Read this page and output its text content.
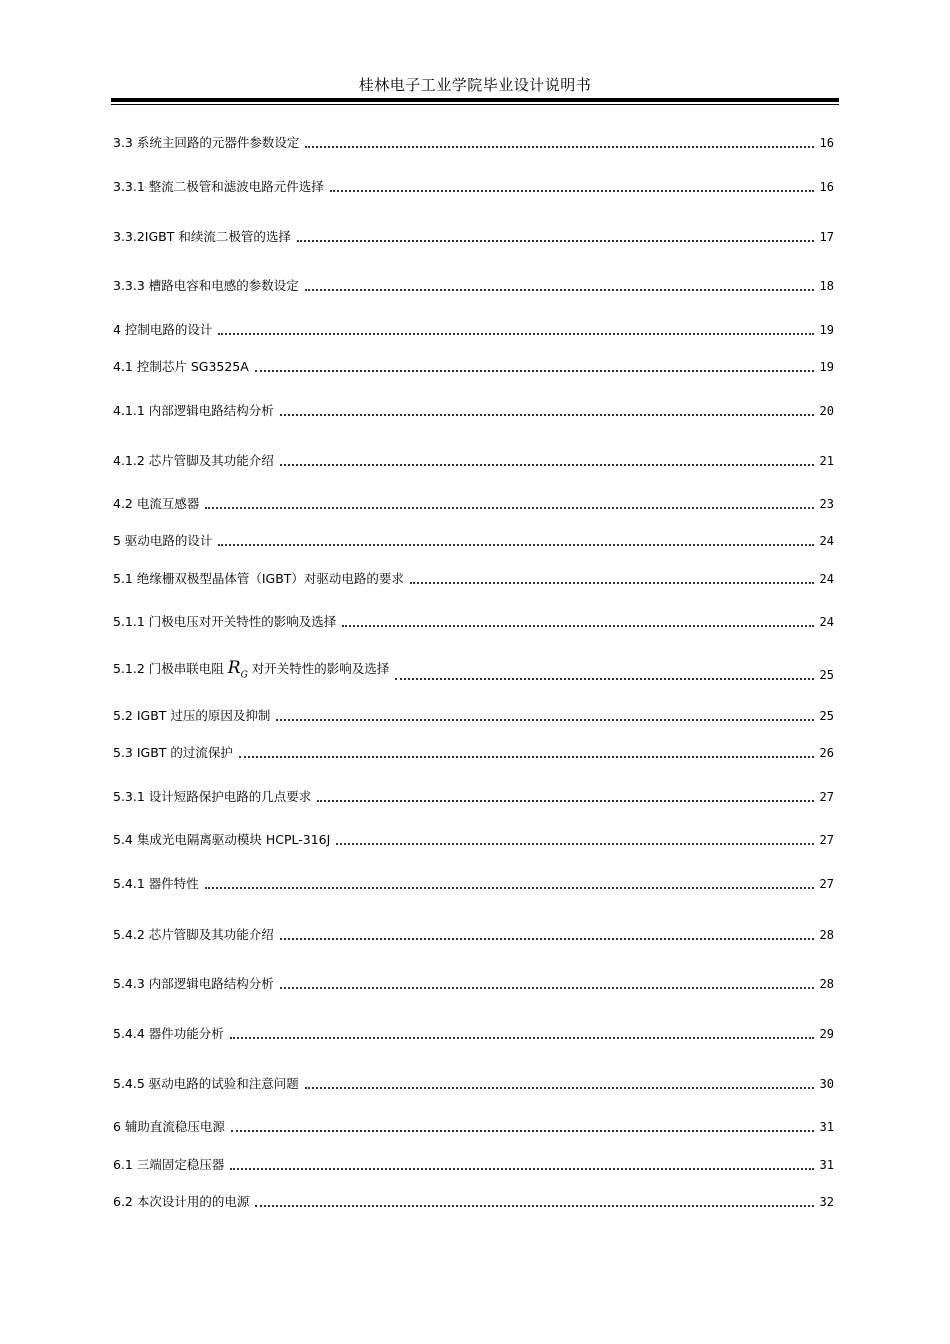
桂林电子工业学院毕业设计说明书
3.3 系统主回路的元器件参数设定	16
3.3.1 整流二极管和滤波电路元件选择	16
3.3.2IGBT 和续流二极管的选择	17
3.3.3 槽路电容和电感的参数设定	18
4 控制电路的设计	19
4.1 控制芯片 SG3525A	19
4.1.1 内部逻辑电路结构分析	20
4.1.2 芯片管脚及其功能介绍	21
4.2 电流互感器	23
5 驱动电路的设计	24
5.1 绝缘栅双极型晶体管（IGBT）对驱动电路的要求	24
5.1.1 门极电压对开关特性的影响及选择	24
5.1.2 门极串联电阻 $R_G$ 对开关特性的影响及选择	25
5.2 IGBT 过压的原因及抑制	25
5.3 IGBT 的过流保护	26
5.3.1 设计短路保护电路的几点要求	27
5.4 集成光电隔离驱动模块 HCPL-316J	27
5.4.1 器件特性	27
5.4.2 芯片管脚及其功能介绍	28
5.4.3 内部逻辑电路结构分析	28
5.4.4 器件功能分析	29
5.4.5 驱动电路的试验和注意问题	30
6 辅助直流稳压电源	31
6.1 三端固定稳压器	31
6.2 本次设计用的的电源	32
